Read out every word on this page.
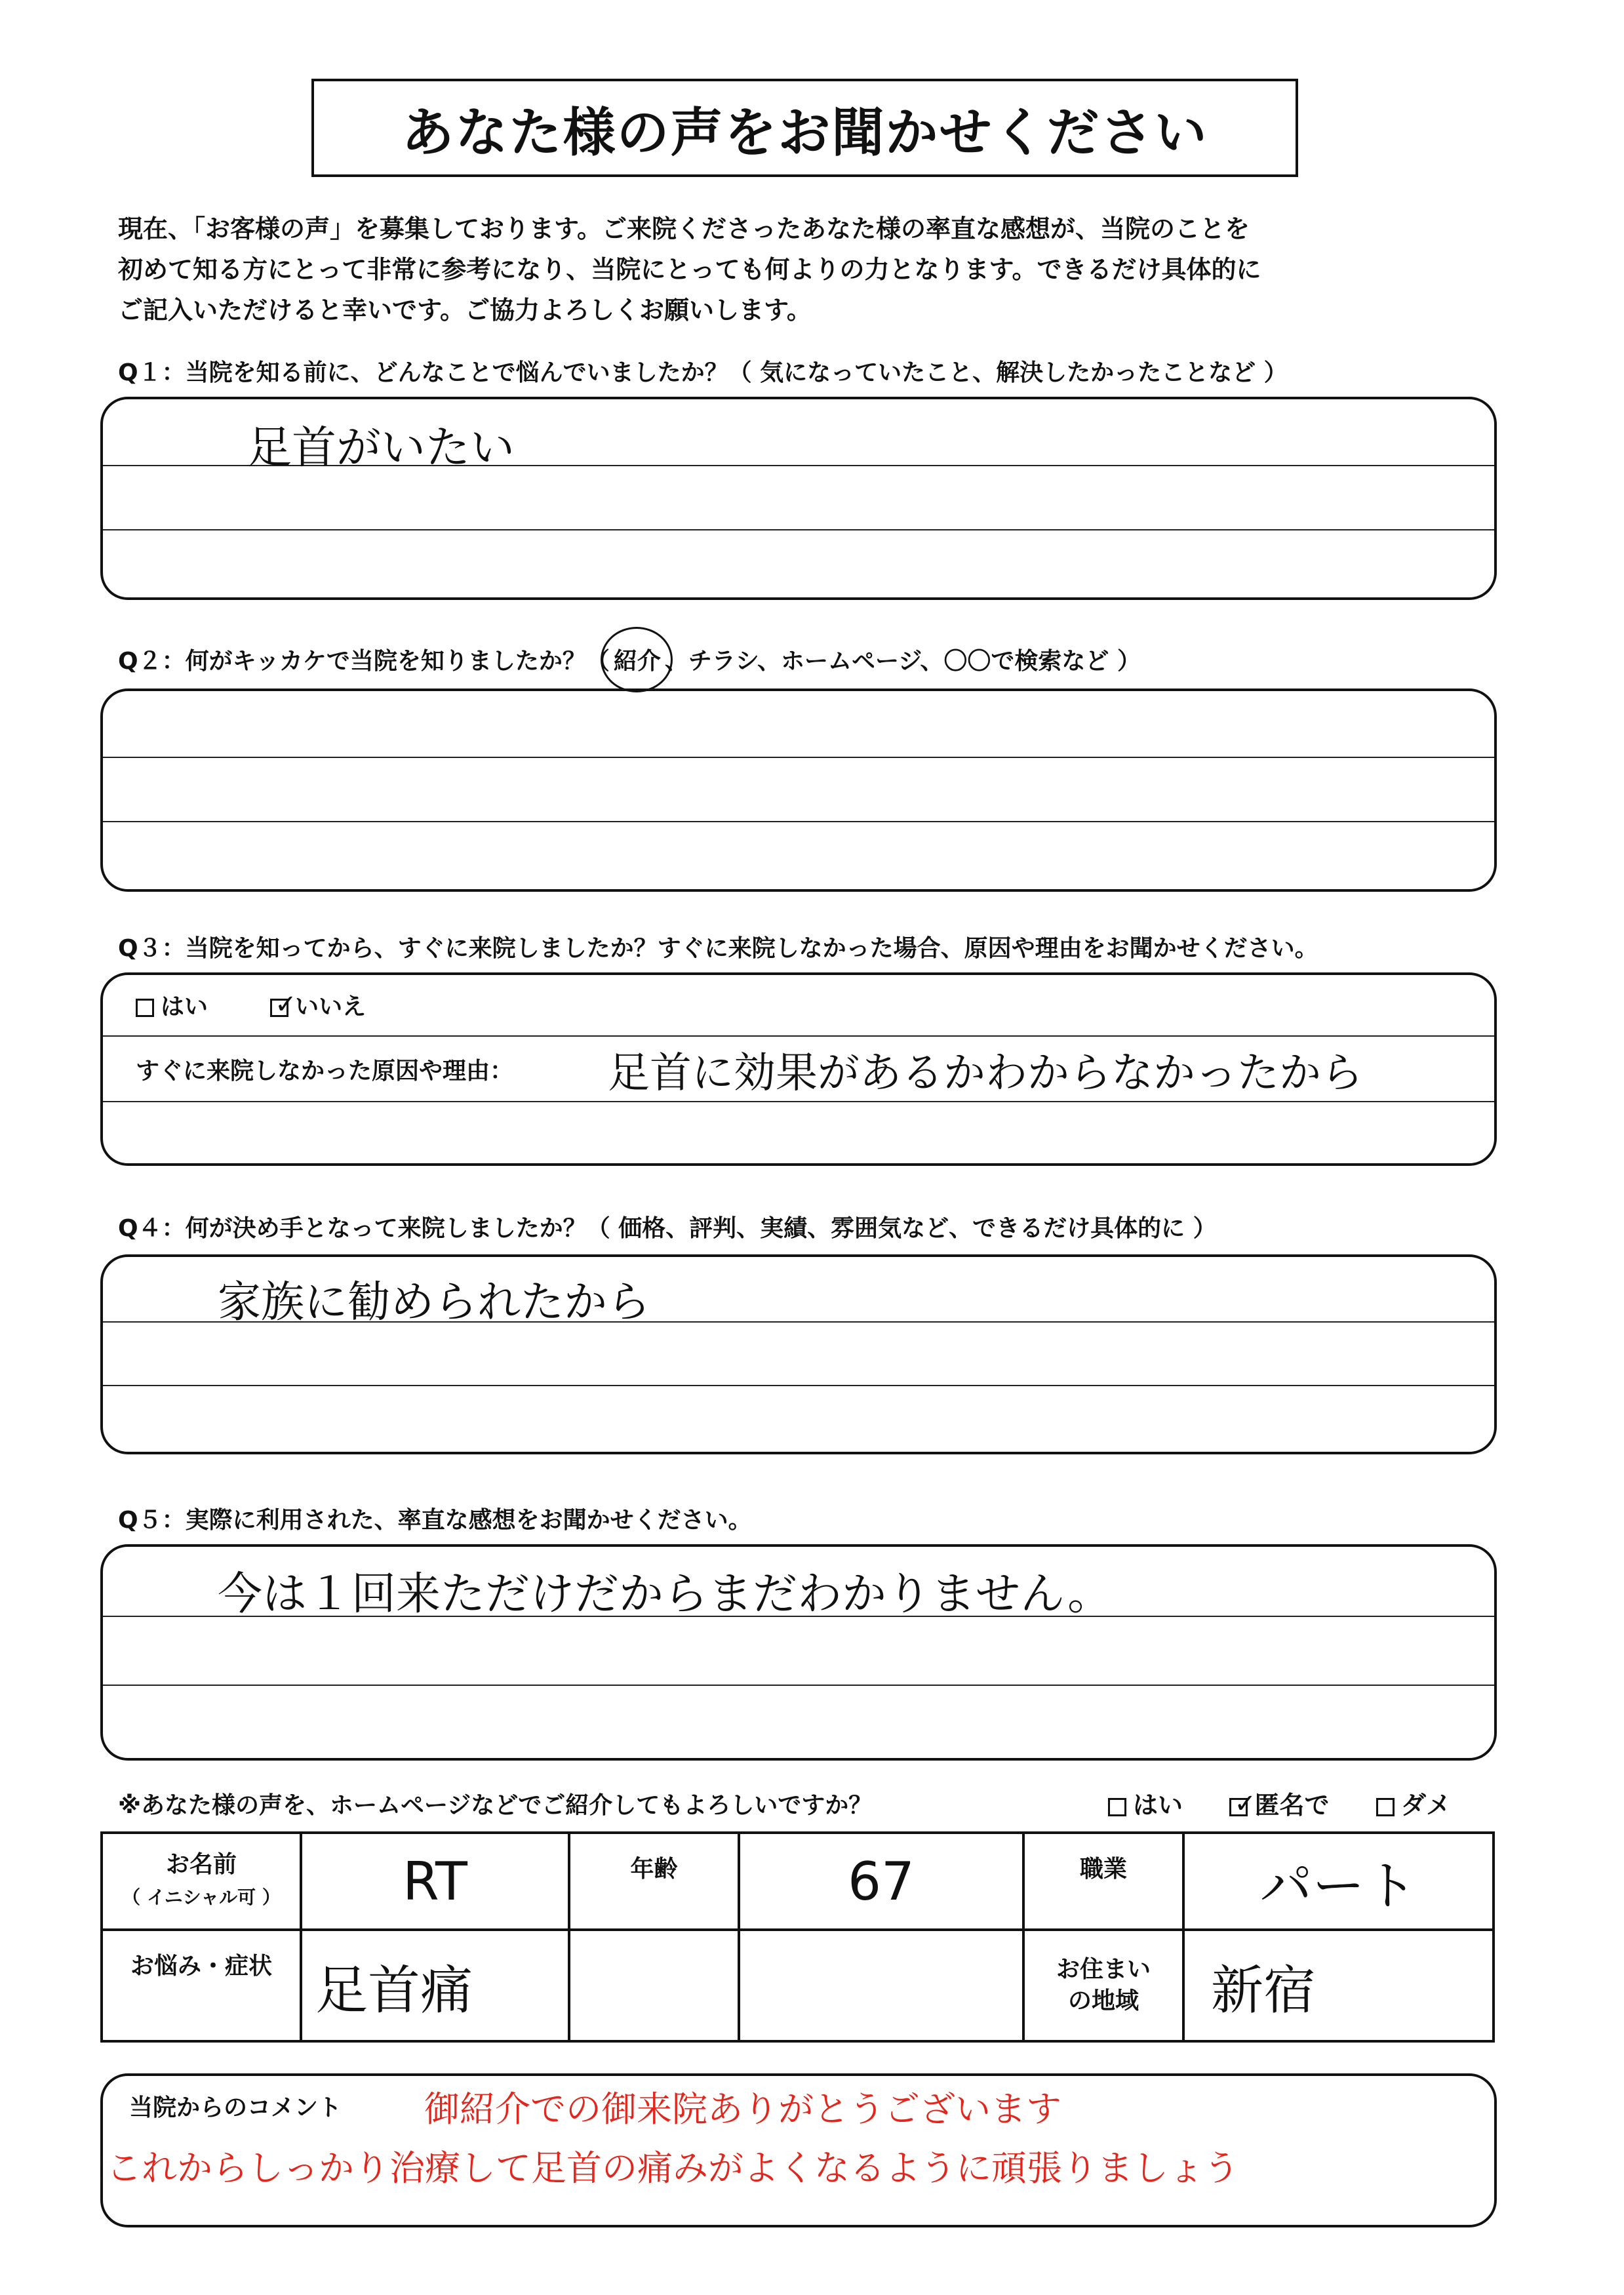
あなた様の声をお聞かせください
現在、「お客様の声」を募集しております。ご来院くださったあなた様の率直な感想が、当院のことを
初めて知る方にとって非常に参考になり、当院にとっても何よりの力となります。できるだけ具体的に
ご記入いただけると幸いです。ご協力よろしくお願いします。
Q１：当院を知る前に、どんなことで悩んでいましたか？（ 気になっていたこと、解決したかったことなど ）
足首がいたい
Q２：何がキッカケで当院を知りましたか？（ 紹介 、チラシ、ホームページ、〇〇で検索など ）
Q３：当院を知ってから、すぐに来院しましたか？すぐに来院しなかった場合、原因や理由をお聞かせください。
はい	✓
いいえ
すぐに来院しなかった原因や理由： 足首に効果があるかわからなかったから
Q４：何が決め手となって来院しましたか？（ 価格、評判、実績、雰囲気など、できるだけ具体的に ）
家族に勧められたから
Q５：実際に利用された、率直な感想をお聞かせください。
今は１回来ただけだからまだわかりません。
※あなた様の声を、ホームページなどでご紹介してもよろしいですか？	はい ✓
匿名で	ダメ
お名前
（ イニシャル可 ）	RT	年齢	67	職業	パート
お悩み・症状	足首痛			お住まい
の地域	新宿
当院からのコメント 御紹介での御来院ありがとうございます
これからしっかり治療して足首の痛みがよくなるように頑張りましょう
